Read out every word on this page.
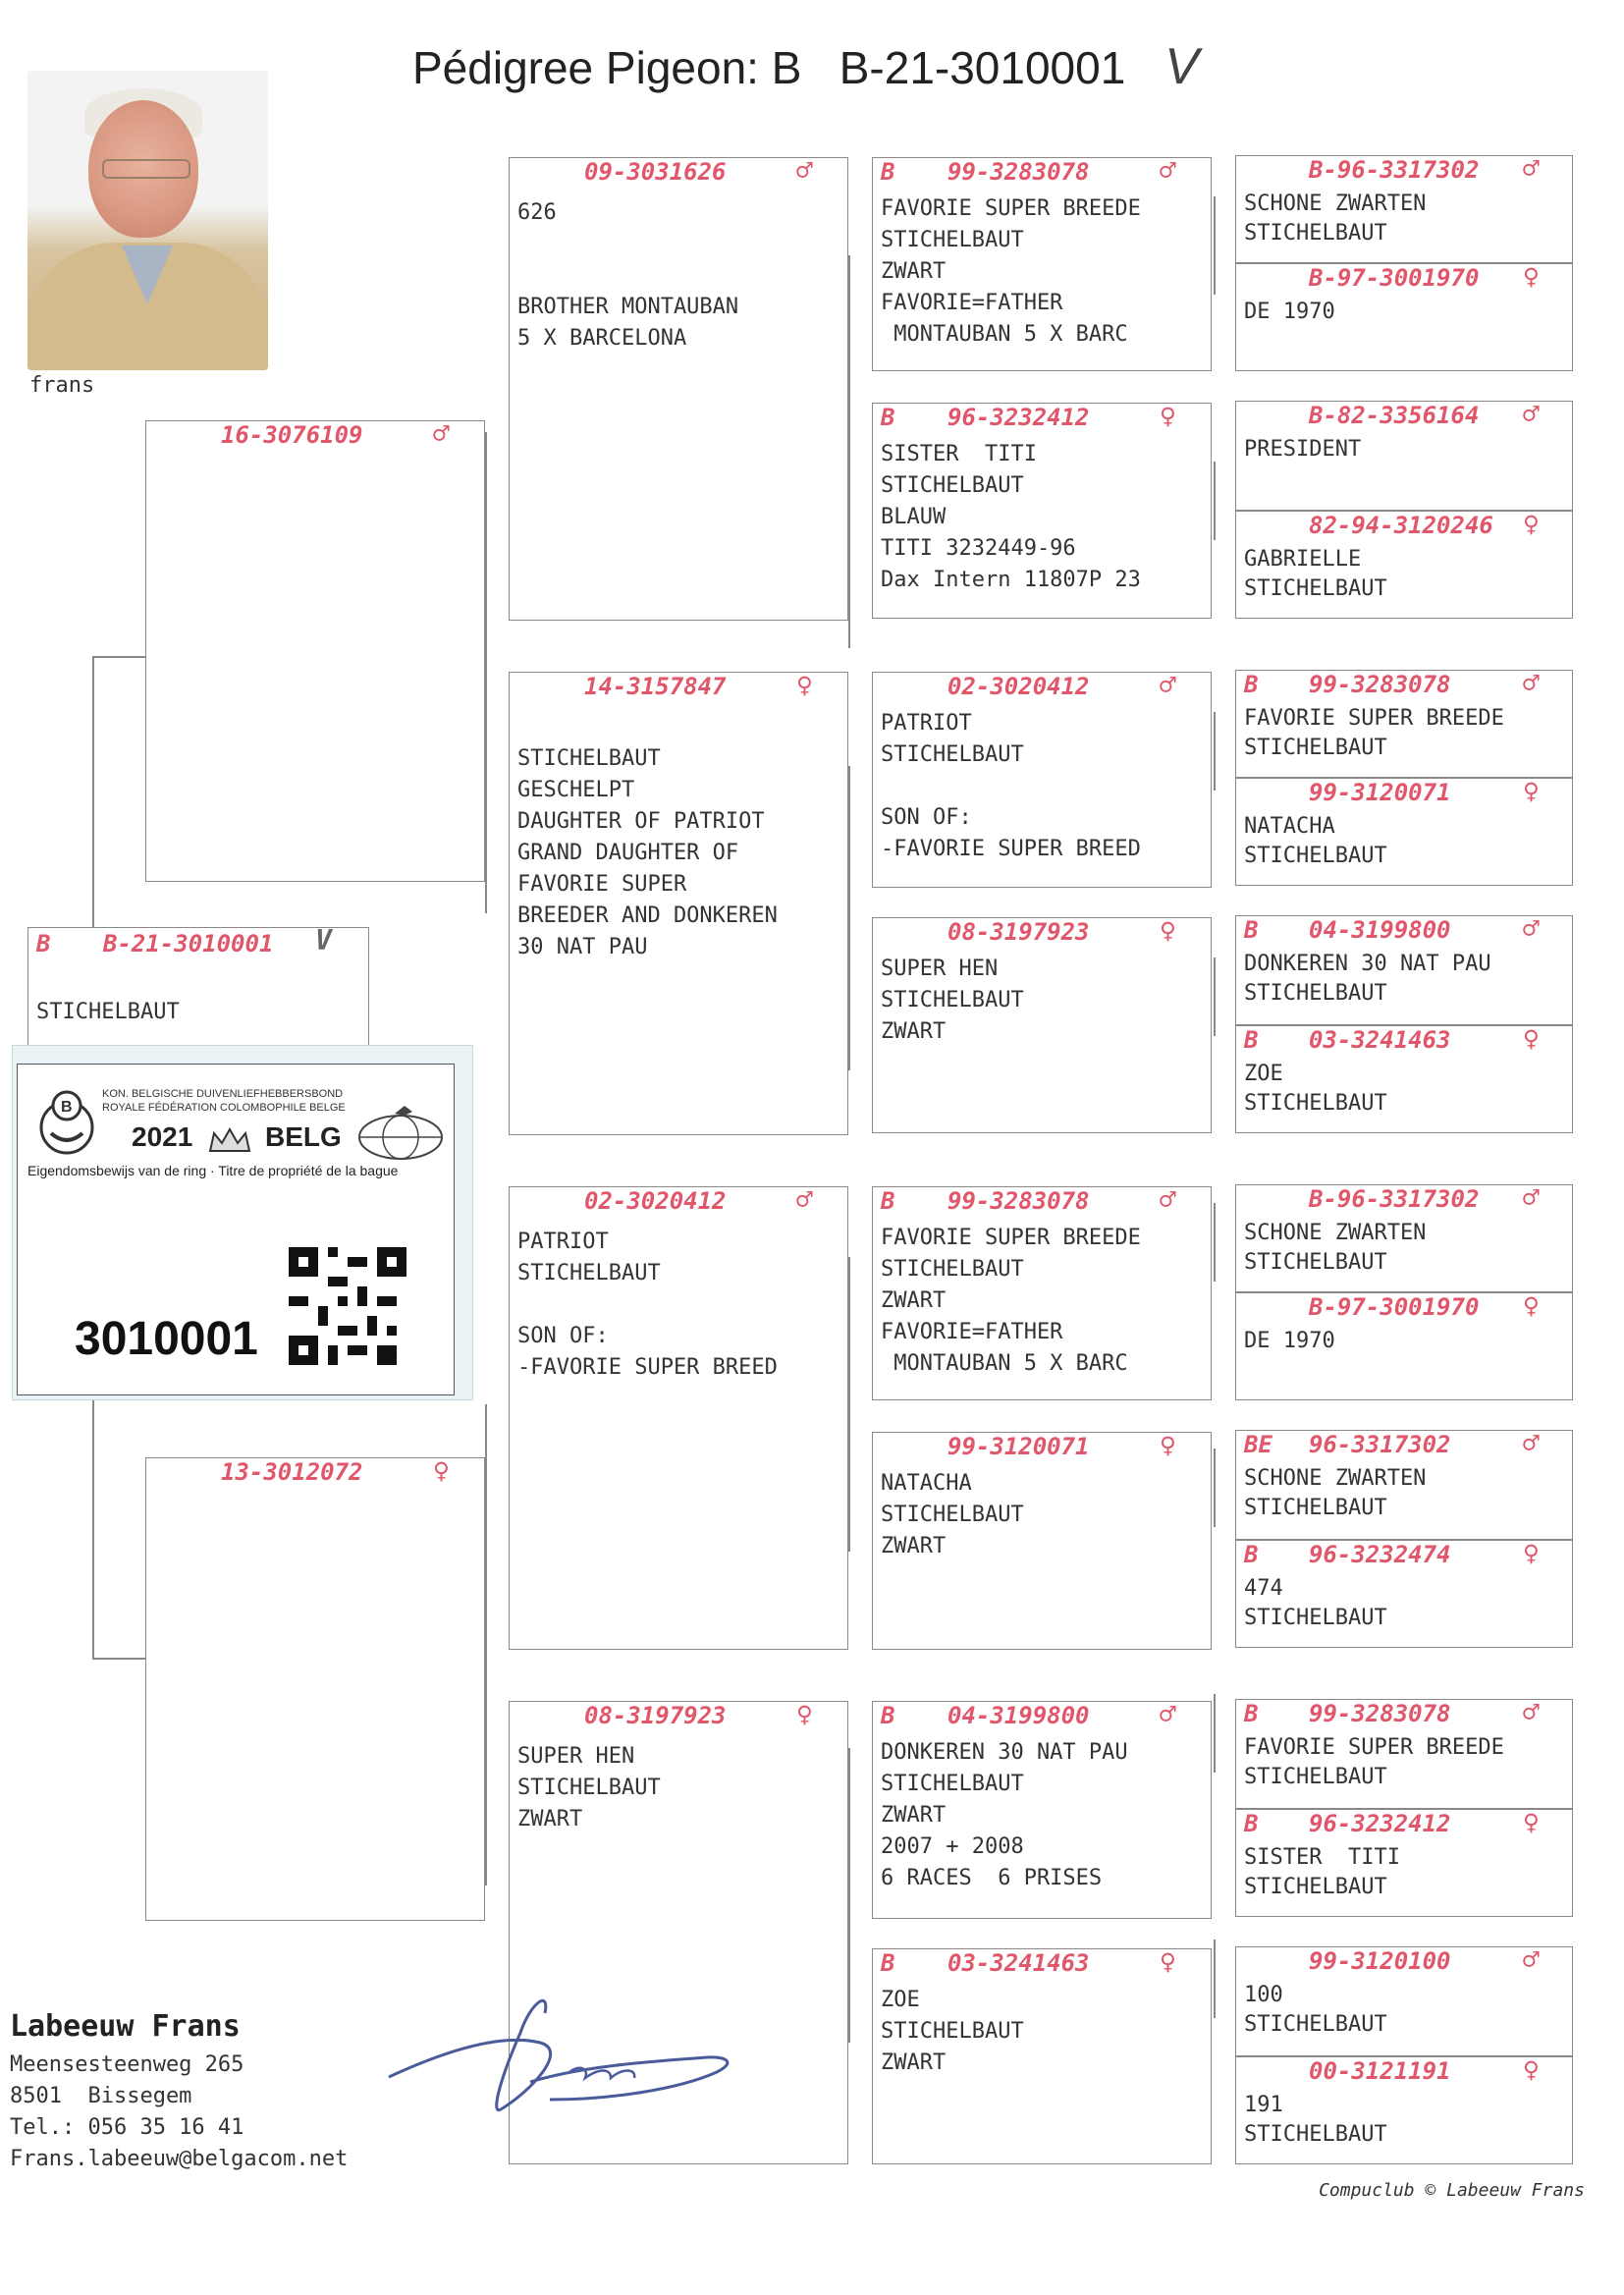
Pédigree Pigeon: B   B-21-3010001 V
frans
B B-21-3010001 V
STICHELBAUT
16-3076109	♂
13-3012072	♀
09-3031626	♂
626

BROTHER MONTAUBAN
5 X BARCELONA
14-3157847	♀

STICHELBAUT
GESCHELPT
DAUGHTER OF PATRIOT
GRAND DAUGHTER OF
FAVORIE SUPER
BREEDER AND DONKEREN
30 NAT PAU
02-3020412	♂
PATRIOT
STICHELBAUT

SON OF:
-FAVORIE SUPER BREED
08-3197923	♀
SUPER HEN
STICHELBAUT
ZWART
B 99-3283078	♂
FAVORIE SUPER BREEDE
STICHELBAUT
ZWART
FAVORIE=FATHER
MONTAUBAN 5 X BARC
B 96-3232412	♀
SISTER  TITI
STICHELBAUT
BLAUW
TITI 3232449-96
Dax Intern 11807P 23
02-3020412	♂
PATRIOT
STICHELBAUT

SON OF:
-FAVORIE SUPER BREED
08-3197923	♀
SUPER HEN
STICHELBAUT
ZWART
B 99-3283078	♂
FAVORIE SUPER BREEDE
STICHELBAUT
ZWART
FAVORIE=FATHER
MONTAUBAN 5 X BARC
99-3120071	♀
NATACHA
STICHELBAUT
ZWART
B 04-3199800	♂
DONKEREN 30 NAT PAU
STICHELBAUT
ZWART
2007 + 2008
6 RACES  6 PRISES
B 03-3241463	♀
ZOE
STICHELBAUT
ZWART
B-96-3317302 ♂
SCHONE ZWARTEN
STICHELBAUT
B-97-3001970 ♀
DE 1970
B-82-3356164 ♂
PRESIDENT
82-94-3120246 ♀
GABRIELLE
STICHELBAUT
B 99-3283078	♂
FAVORIE SUPER BREEDE
STICHELBAUT
99-3120071	♀
NATACHA
STICHELBAUT
B 04-3199800	♂
DONKEREN 30 NAT PAU
STICHELBAUT
B 03-3241463	♀
ZOE
STICHELBAUT
B-96-3317302 ♂
SCHONE ZWARTEN
STICHELBAUT
B-97-3001970 ♀
DE 1970
BE 96-3317302	♂
SCHONE ZWARTEN
STICHELBAUT
B 96-3232474	♀
474
STICHELBAUT
B 99-3283078	♂
FAVORIE SUPER BREEDE
STICHELBAUT
B 96-3232412	♀
SISTER  TITI
STICHELBAUT
99-3120100	♂
100
STICHELBAUT
00-3121191	♀
191
STICHELBAUT
B
KON. BELGISCHE DUIVENLIEFHEBBERSBOND
ROYALE FÉDÉRATION COLOMBOPHILE BELGE
2021	BELG
Eigendomsbewijs van de ring · Titre de propriété de la bague
3010001
Labeeuw Frans
Meensesteenweg 265
8501  Bissegem
Tel.: 056 35 16 41
Frans.labeeuw@belgacom.net
Compuclub © Labeeuw Frans
